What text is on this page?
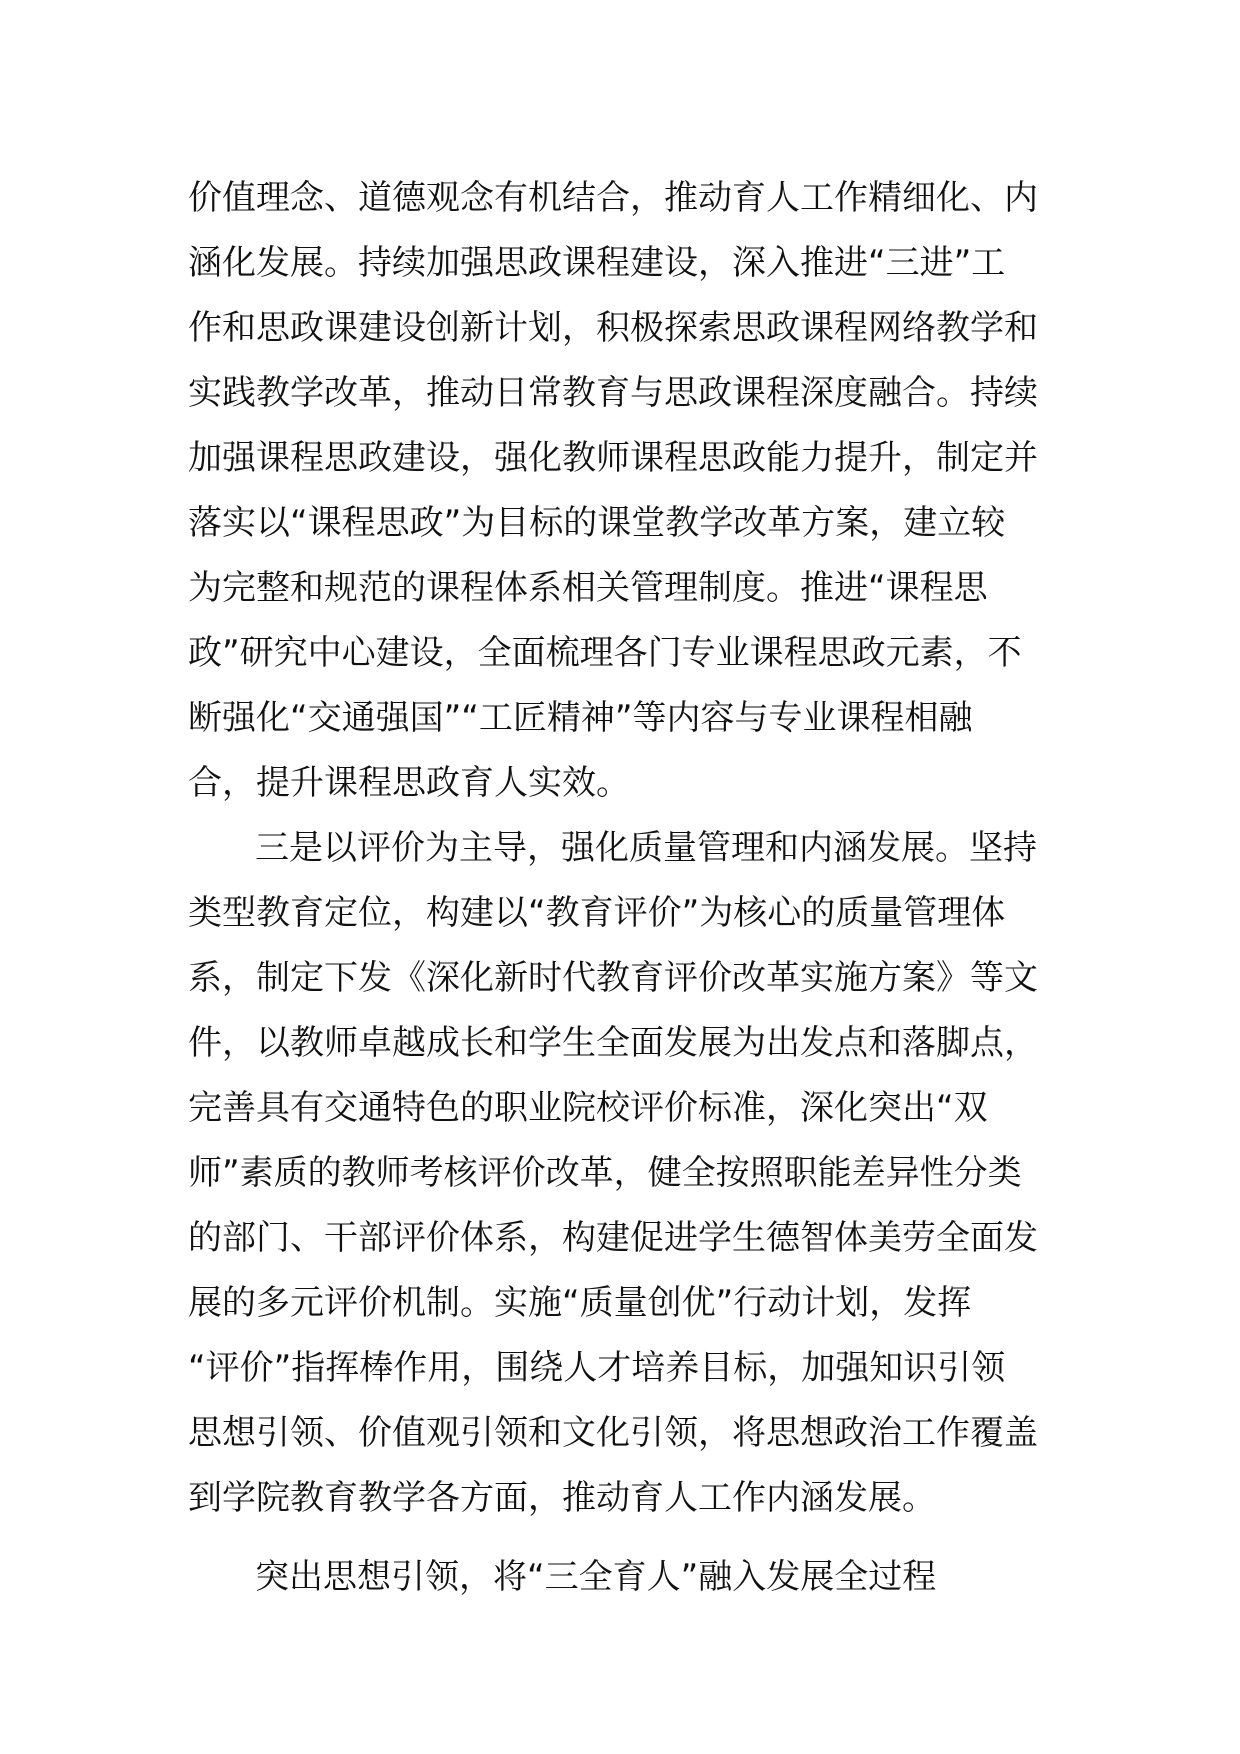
价值理念、道德观念有机结合，推动育人工作精细化、内
涵化发展。持续加强思政课程建设，深入推进“三进”工
作和思政课建设创新计划，积极探索思政课程网络教学和
实践教学改革，推动日常教育与思政课程深度融合。持续
加强课程思政建设，强化教师课程思政能力提升，制定并
落实以“课程思政”为目标的课堂教学改革方案，建立较
为完整和规范的课程体系相关管理制度。推进“课程思
政”研究中心建设，全面梳理各门专业课程思政元素，不
断强化“交通强国”“工匠精神”等内容与专业课程相融
合，提升课程思政育人实效。
三是以评价为主导，强化质量管理和内涵发展。坚持
类型教育定位，构建以“教育评价”为核心的质量管理体
系，制定下发《深化新时代教育评价改革实施方案》等文
件，以教师卓越成长和学生全面发展为出发点和落脚点，
完善具有交通特色的职业院校评价标准，深化突出“双
师”素质的教师考核评价改革，健全按照职能差异性分类
的部门、干部评价体系，构建促进学生德智体美劳全面发
展的多元评价机制。实施“质量创优”行动计划，发挥
“评价”指挥棒作用，围绕人才培养目标，加强知识引领
思想引领、价值观引领和文化引领，将思想政治工作覆盖
到学院教育教学各方面，推动育人工作内涵发展。
突出思想引领，将“三全育人”融入发展全过程
